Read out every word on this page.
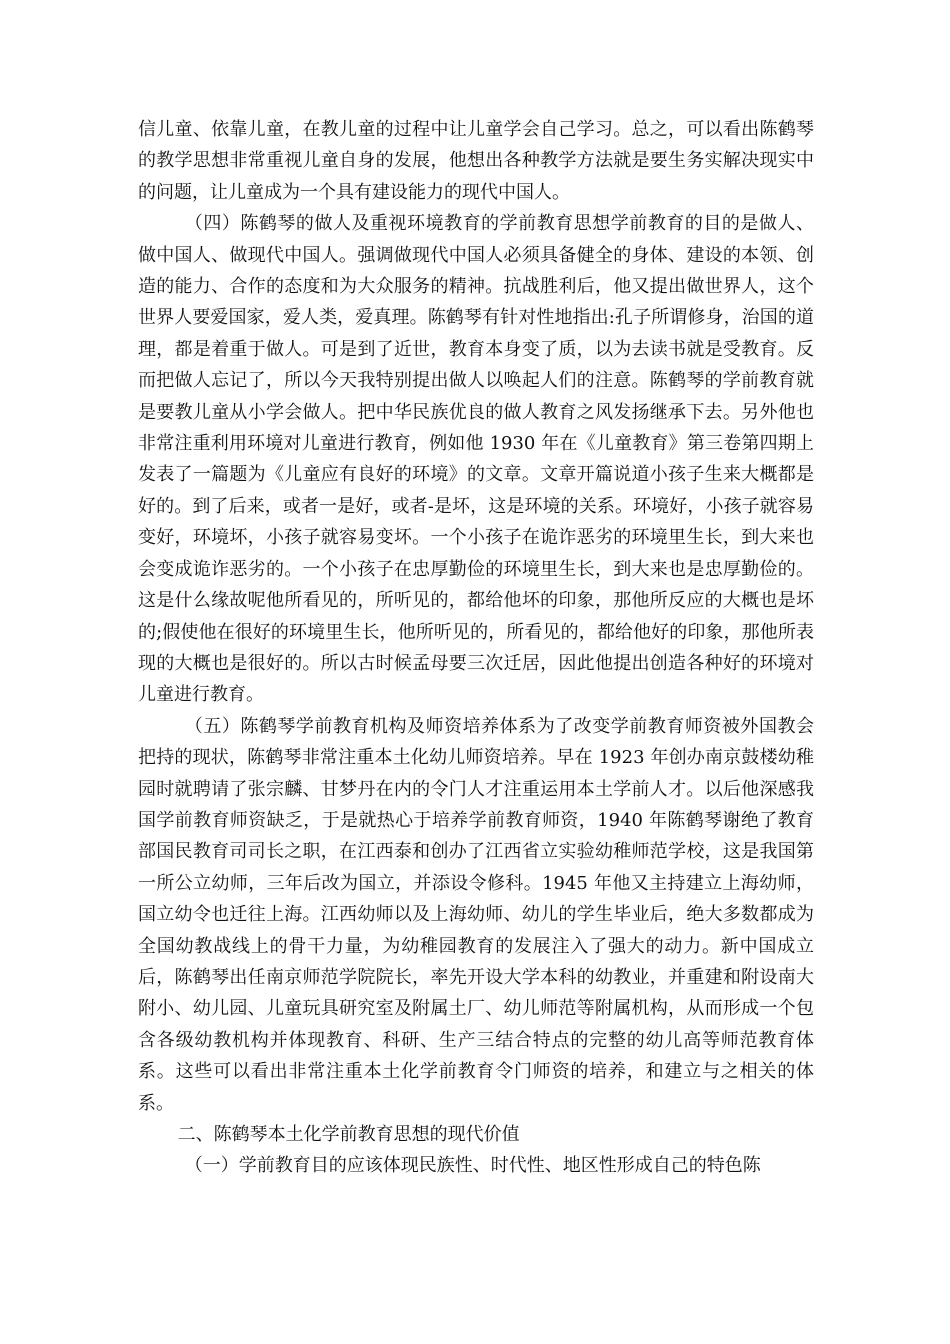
信儿童、依靠儿童，在教儿童的过程中让儿童学会自己学习。总之，可以看出陈鹤琴的教学思想非常重视儿童自身的发展，他想出各种教学方法就是要生务实解决现实中的问题，让儿童成为一个具有建设能力的现代中国人。

（四）陈鹤琴的做人及重视环境教育的学前教育思想学前教育的目的是做人、做中国人、做现代中国人。强调做现代中国人必须具备健全的身体、建设的本领、创造的能力、合作的态度和为大众服务的精神。抗战胜利后，他又提出做世界人，这个世界人要爱国家，爱人类，爱真理。陈鹤琴有针对性地指出:孔子所谓修身，治国的道理，都是着重于做人。可是到了近世，教育本身变了质，以为去读书就是受教育。反而把做人忘记了，所以今天我特别提出做人以唤起人们的注意。陈鹤琴的学前教育就是要教儿童从小学会做人。把中华民族优良的做人教育之风发扬继承下去。另外他也非常注重利用环境对儿童进行教育，例如他 1930 年在《儿童教育》第三卷第四期上发表了一篇题为《儿童应有良好的环境》的文章。文章开篇说道小孩子生来大概都是好的。到了后来，或者一是好，或者-是坏，这是环境的关系。环境好，小孩子就容易变好，环境坏，小孩子就容易变坏。一个小孩子在诡诈恶劣的环境里生长，到大来也会变成诡诈恶劣的。一个小孩子在忠厚勤俭的环境里生长，到大来也是忠厚勤俭的。这是什么缘故呢他所看见的，所听见的，都给他坏的印象，那他所反应的大概也是坏的;假使他在很好的环境里生长，他所听见的，所看见的，都给他好的印象，那他所表现的大概也是很好的。所以古时候孟母要三次迁居，因此他提出创造各种好的环境对儿童进行教育。

（五）陈鹤琴学前教育机构及师资培养体系为了改变学前教育师资被外国教会把持的现状，陈鹤琴非常注重本土化幼儿师资培养。早在 1923 年创办南京鼓楼幼稚园时就聘请了张宗麟、甘梦丹在内的令门人才注重运用本土学前人才。以后他深感我国学前教育师资缺乏，于是就热心于培养学前教育师资，1940 年陈鹤琴谢绝了教育部国民教育司司长之职，在江西泰和创办了江西省立实验幼稚师范学校，这是我国第一所公立幼师，三年后改为国立，并添设令修科。1945 年他又主持建立上海幼师，国立幼令也迁往上海。江西幼师以及上海幼师、幼儿的学生毕业后，绝大多数都成为全国幼教战线上的骨干力量，为幼稚园教育的发展注入了强大的动力。新中国成立后，陈鹤琴出任南京师范学院院长，率先开设大学本科的幼教业，并重建和附设南大附小、幼儿园、儿童玩具研究室及附属土厂、幼儿师范等附属机构，从而形成一个包含各级幼教机构并体现教育、科研、生产三结合特点的完整的幼儿高等师范教育体系。这些可以看出非常注重本土化学前教育令门师资的培养，和建立与之相关的体系。

二、陈鹤琴本土化学前教育思想的现代价值

（一）学前教育目的应该体现民族性、时代性、地区性形成自己的特色陈
